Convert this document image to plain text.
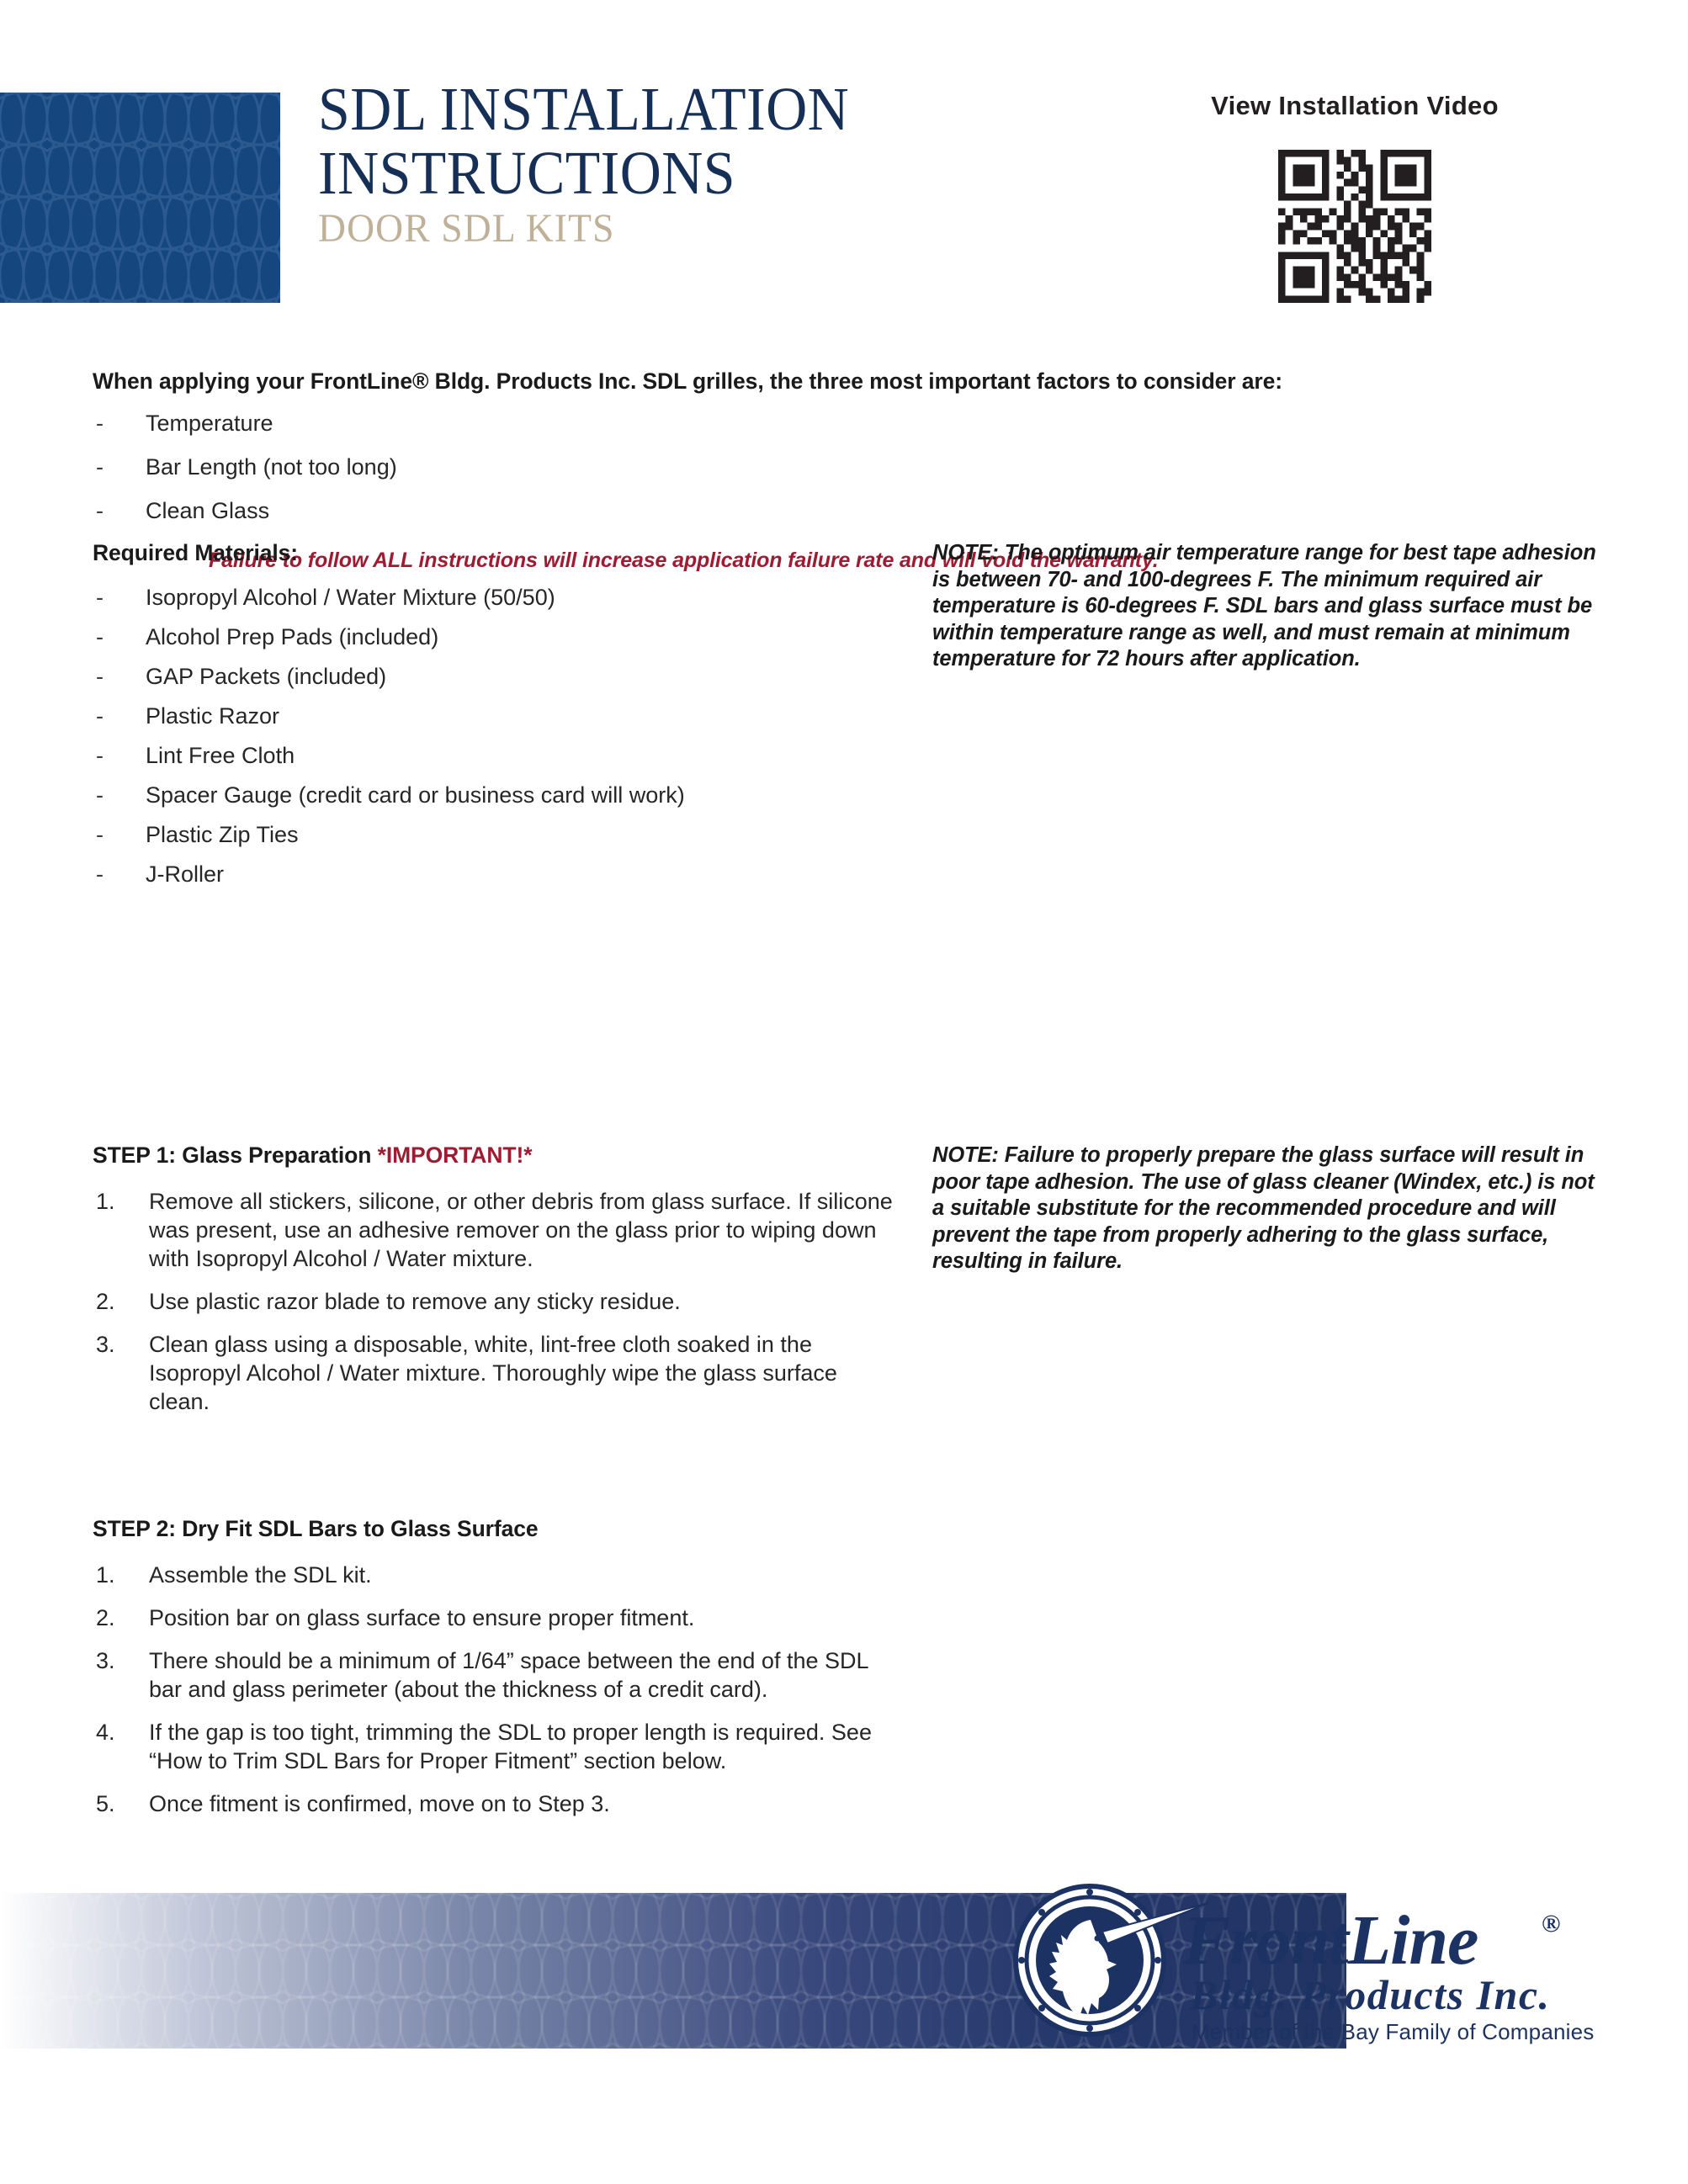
SDL INSTALLATION
INSTRUCTIONS
DOOR SDL KITS
View Installation Video
When applying your FrontLine® Bldg. Products Inc. SDL grilles, the three most important factors to consider are:
- Temperature
- Bar Length (not too long)
- Clean Glass
Failure to follow ALL instructions will increase application failure rate and will void the warranty.
Required Materials:
- Isopropyl Alcohol / Water Mixture (50/50)
- Alcohol Prep Pads (included)
- GAP Packets (included)
- Plastic Razor
- Lint Free Cloth
- Spacer Gauge (credit card or business card will work)
- Plastic Zip Ties
- J-Roller
NOTE: The optimum air temperature range for best tape adhesion is between 70- and 100-degrees F. The minimum required air temperature is 60-degrees F. SDL bars and glass surface must be within temperature range as well, and must remain at minimum temperature for 72 hours after application.
STEP 1: Glass Preparation *IMPORTANT!*
Remove all stickers, silicone, or other debris from glass surface. If silicone was present, use an adhesive remover on the glass prior to wiping down with Isopropyl Alcohol / Water mixture.
Use plastic razor blade to remove any sticky residue.
Clean glass using a disposable, white, lint-free cloth soaked in the Isopropyl Alcohol / Water mixture. Thoroughly wipe the glass surface clean.
NOTE: Failure to properly prepare the glass surface will result in poor tape adhesion. The use of glass cleaner (Windex, etc.) is not a suitable substitute for the recommended procedure and will prevent the tape from properly adhering to the glass surface, resulting in failure.
STEP 2: Dry Fit SDL Bars to Glass Surface
Assemble the SDL kit.
Position bar on glass surface to ensure proper fitment.
There should be a minimum of 1/64” space between the end of the SDL bar and glass perimeter (about the thickness of a credit card).
If the gap is too tight, trimming the SDL to proper length is required. See “How to Trim SDL Bars for Proper Fitment” section below.
Once fitment is confirmed, move on to Step 3.
FrontLine	®
Bldg. Products Inc.
Member of the Bay Family of Companies
